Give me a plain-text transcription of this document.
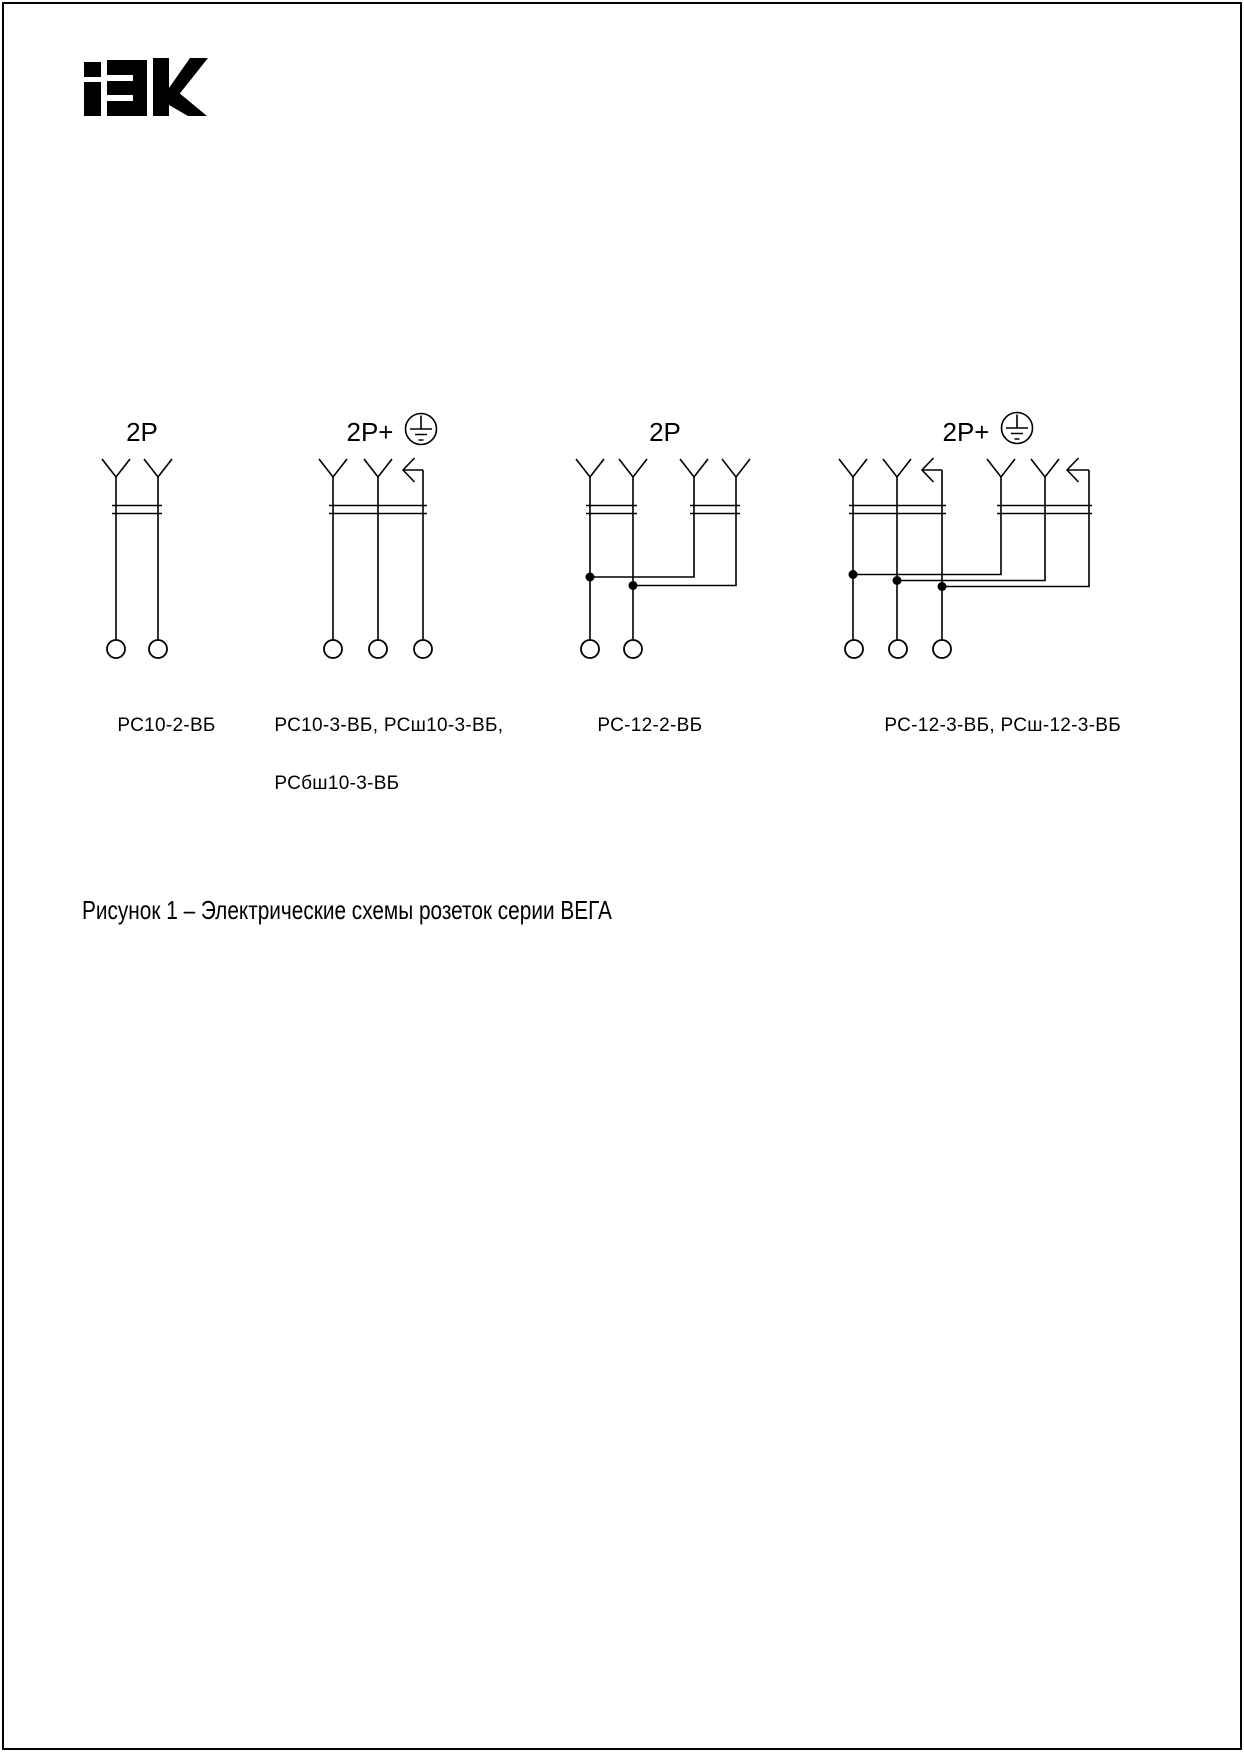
2P	2P+	2P	2P+

РС10-2-ВБ
	РС10-3-ВБ, РСш10-3-ВБ,

РСбш10-3-ВБ

РС-12-2-ВБ
	РС-12-3-ВБ, РСш-12-3-ВБ

Рисунок 1 – Электрические схемы розеток серии ВЕГА
